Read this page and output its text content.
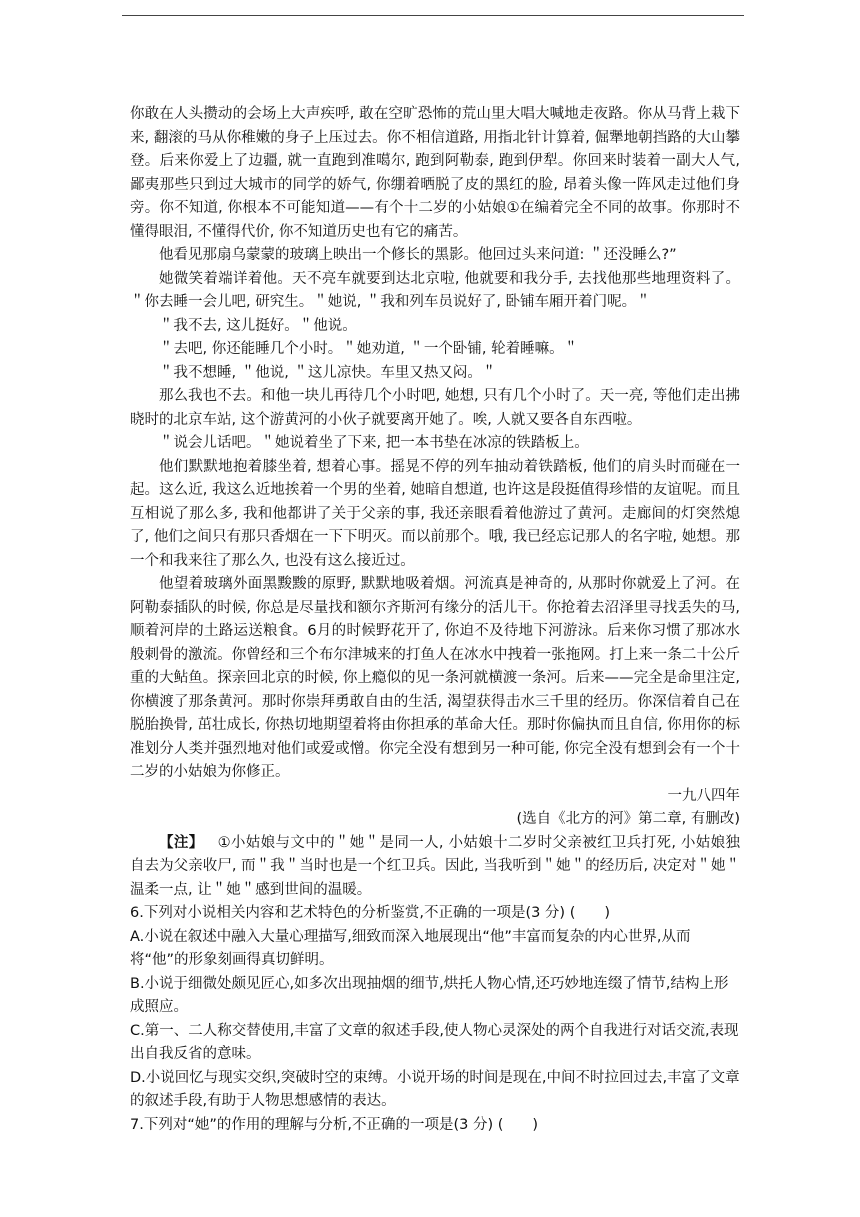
你敢在人头攒动的会场上大声疾呼, 敢在空旷恐怖的荒山里大唱大喊地走夜路。你从马背上栽下来, 翻滚的马从你稚嫩的身子上压过去。你不相信道路, 用指北针计算着, 倔犟地朝挡路的大山攀登。后来你爱上了边疆, 就一直跑到准噶尔, 跑到阿勒泰, 跑到伊犁。你回来时装着一副大人气, 鄙夷那些只到过大城市的同学的娇气, 你绷着晒脱了皮的黑红的脸, 昂着头像一阵风走过他们身旁。你不知道, 你根本不可能知道——有个十二岁的小姑娘①在编着完全不同的故事。你那时不懂得眼泪, 不懂得代价, 你不知道历史也有它的痛苦。

他看见那扇乌蒙蒙的玻璃上映出一个修长的黑影。他回过头来问道: ＂还没睡么?”

她微笑着端详着他。天不亮车就要到达北京啦, 他就要和我分手, 去找他那些地理资料了。＂你去睡一会儿吧, 研究生。＂她说, ＂我和列车员说好了, 卧铺车厢开着门呢。＂

＂我不去, 这儿挺好。＂他说。

＂去吧, 你还能睡几个小时。＂她劝道, ＂一个卧铺, 轮着睡嘛。＂

＂我不想睡, ＂他说, ＂这儿凉快。车里又热又闷。＂

那么我也不去。和他一块儿再待几个小时吧, 她想, 只有几个小时了。天一亮, 等他们走出拂晓时的北京车站, 这个游黄河的小伙子就要离开她了。唉, 人就又要各自东西啦。

＂说会儿话吧。＂她说着坐了下来, 把一本书垫在冰凉的铁踏板上。

他们默默地抱着膝坐着, 想着心事。摇晃不停的列车抽动着铁踏板, 他们的肩头时而碰在一起。这么近, 我这么近地挨着一个男的坐着, 她暗自想道, 也许这是段挺值得珍惜的友谊呢。而且互相说了那么多, 我和他都讲了关于父亲的事, 我还亲眼看着他游过了黄河。走廊间的灯突然熄了, 他们之间只有那只香烟在一下下明灭。而以前那个。哦, 我已经忘记那人的名字啦, 她想。那一个和我来往了那么久, 也没有这么接近过。

他望着玻璃外面黑黢黢的原野, 默默地吸着烟。河流真是神奇的, 从那时你就爱上了河。在阿勒泰插队的时候, 你总是尽量找和额尔齐斯河有缘分的活儿干。你抢着去沼泽里寻找丢失的马, 顺着河岸的土路运送粮食。6月的时候野花开了, 你迫不及待地下河游泳。后来你习惯了那冰水般刺骨的激流。你曾经和三个布尔津城来的打鱼人在冰水中拽着一张拖网。打上来一条二十公斤重的大鲇鱼。探亲回北京的时候, 你上瘾似的见一条河就横渡一条河。后来——完全是命里注定, 你横渡了那条黄河。那时你崇拜勇敢自由的生活, 渴望获得击水三千里的经历。你深信着自己在脱胎换骨, 茁壮成长, 你热切地期望着将由你担承的革命大任。那时你偏执而且自信, 你用你的标准划分人类并强烈地对他们或爱或憎。你完全没有想到另一种可能, 你完全没有想到会有一个十二岁的小姑娘为你修正。

一九八四年

(选自《北方的河》第二章, 有删改)

【注】 ①小姑娘与文中的＂她＂是同一人, 小姑娘十二岁时父亲被红卫兵打死, 小姑娘独自去为父亲收尸, 而＂我＂当时也是一个红卫兵。因此, 当我听到＂她＂的经历后, 决定对＂她＂温柔一点, 让＂她＂感到世间的温暖。

6.下列对小说相关内容和艺术特色的分析鉴赏,不正确的一项是(3 分) (　　)

A.小说在叙述中融入大量心理描写,细致而深入地展现出“他”丰富而复杂的内心世界,从而将“他”的形象刻画得真切鲜明。

B.小说于细微处颇见匠心,如多次出现抽烟的细节,烘托人物心情,还巧妙地连缀了情节,结构上形成照应。

C.第一、二人称交替使用,丰富了文章的叙述手段,使人物心灵深处的两个自我进行对话交流,表现出自我反省的意味。

D.小说回忆与现实交织,突破时空的束缚。小说开场的时间是现在,中间不时拉回过去,丰富了文章的叙述手段,有助于人物思想感情的表达。

7.下列对“她”的作用的理解与分析,不正确的一项是(3 分) (　　)
